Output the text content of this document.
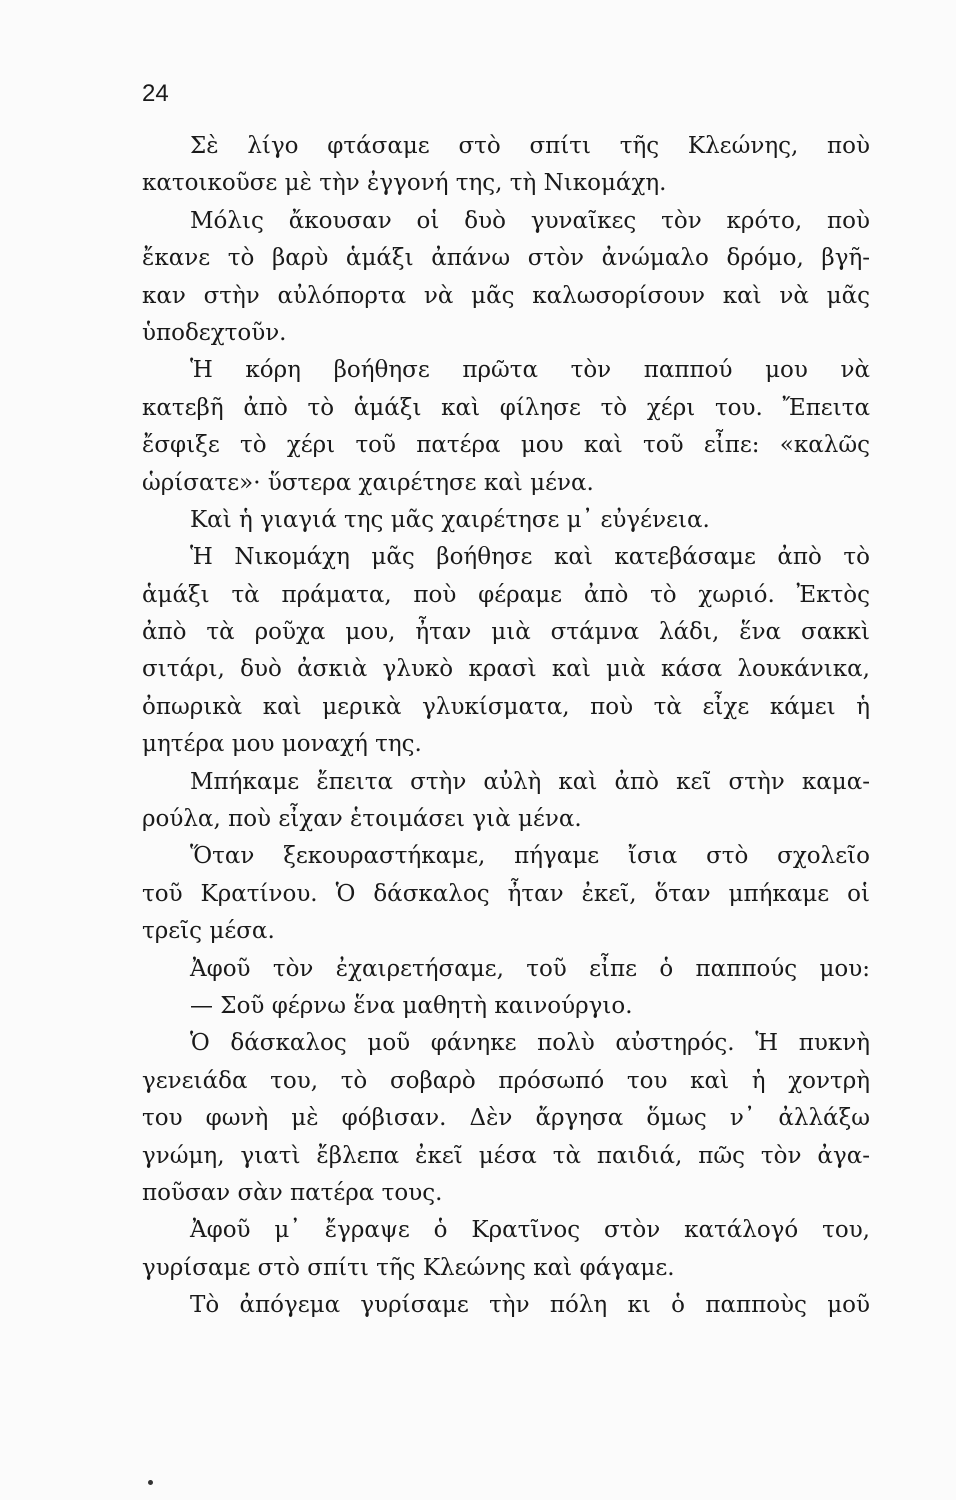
24
Σὲ λίγο φτάσαμε στὸ σπίτι τῆς Κλεώνης, ποὺ
κατοικοῦσε μὲ τὴν ἐγγονή της, τὴ Νικομάχη.
Μόλις ἄκουσαν οἱ δυὸ γυναῖκες τὸν κρότο, ποὺ
ἔκανε τὸ βαρὺ ἁμάξι ἀπάνω στὸν ἀνώμαλο δρόμο, βγῆ-
καν στὴν αὐλόπορτα νὰ μᾶς καλωσορίσουν καὶ νὰ μᾶς
ὑποδεχτοῦν.
Ἡ κόρη βοήθησε πρῶτα τὸν παππού μου νὰ
κατεβῆ ἀπὸ τὸ ἁμάξι καὶ φίλησε τὸ χέρι του. Ἔπειτα
ἔσφιξε τὸ χέρι τοῦ πατέρα μου καὶ τοῦ εἶπε: «καλῶς
ὡρίσατε»· ὕστερα χαιρέτησε καὶ μένα.
Καὶ ἡ γιαγιά της μᾶς χαιρέτησε μ᾽ εὐγένεια.
Ἡ Νικομάχη μᾶς βοήθησε καὶ κατεβάσαμε ἀπὸ τὸ
ἁμάξι τὰ πράματα, ποὺ φέραμε ἀπὸ τὸ χωριό. Ἐκτὸς
ἀπὸ τὰ ροῦχα μου, ἦταν μιὰ στάμνα λάδι, ἕνα σακκὶ
σιτάρι, δυὸ ἀσκιὰ γλυκὸ κρασὶ καὶ μιὰ κάσα λουκάνικα,
ὀπωρικὰ καὶ μερικὰ γλυκίσματα, ποὺ τὰ εἶχε κάμει ἡ
μητέρα μου μοναχή της.
Μπήκαμε ἔπειτα στὴν αὐλὴ καὶ ἀπὸ κεῖ στὴν καμα-
ρούλα, ποὺ εἶχαν ἑτοιμάσει γιὰ μένα.
Ὅταν ξεκουραστήκαμε, πήγαμε ἴσια στὸ σχολεῖο
τοῦ Κρατίνου. Ὁ δάσκαλος ἦταν ἐκεῖ, ὅταν μπήκαμε οἱ
τρεῖς μέσα.
Ἀφοῦ τὸν ἐχαιρετήσαμε, τοῦ εἶπε ὁ παππούς μου:
— Σοῦ φέρνω ἕνα μαθητὴ καινούργιο.
Ὁ δάσκαλος μοῦ φάνηκε πολὺ αὐστηρός. Ἡ πυκνὴ
γενειάδα του, τὸ σοβαρὸ πρόσωπό του καὶ ἡ χοντρὴ
του φωνὴ μὲ φόβισαν. Δὲν ἄργησα ὅμως ν᾽ ἀλλάξω
γνώμη, γιατὶ ἔβλεπα ἐκεῖ μέσα τὰ παιδιά, πῶς τὸν ἀγα-
ποῦσαν σὰν πατέρα τους.
Ἀφοῦ μ᾽ ἔγραψε ὁ Κρατῖνος στὸν κατάλογό του,
γυρίσαμε στὸ σπίτι τῆς Κλεώνης καὶ φάγαμε.
Τὸ ἀπόγεμα γυρίσαμε τὴν πόλη κι ὁ παπποὺς μοῦ
